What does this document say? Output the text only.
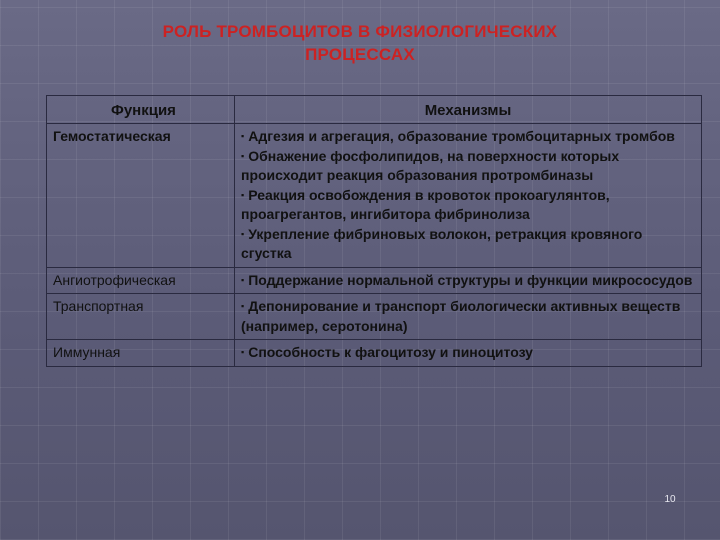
РОЛЬ ТРОМБОЦИТОВ В ФИЗИОЛОГИЧЕСКИХ
ПРОЦЕССАХ
Функция	Механизмы
Гемостатическая	▪ Адгезия и агрегация, образование тромбоцитарных тромбов

▪ Обнажение фосфолипидов, на поверхности которых происходит реакция образования протромбиназы

▪ Реакция освобождения в кровоток прокоагулянтов, проагрегантов, ингибитора фибринолиза

▪ Укрепление фибриновых волокон, ретракция кровяного сгустка

Ангиотрофическая	▪ Поддержание нормальной структуры и функции микрососудов

Транспортная	▪ Депонирование и транспорт биологически активных веществ (например, серотонина)

Иммунная	▪ Способность к фагоцитозу и пиноцитозу

10
